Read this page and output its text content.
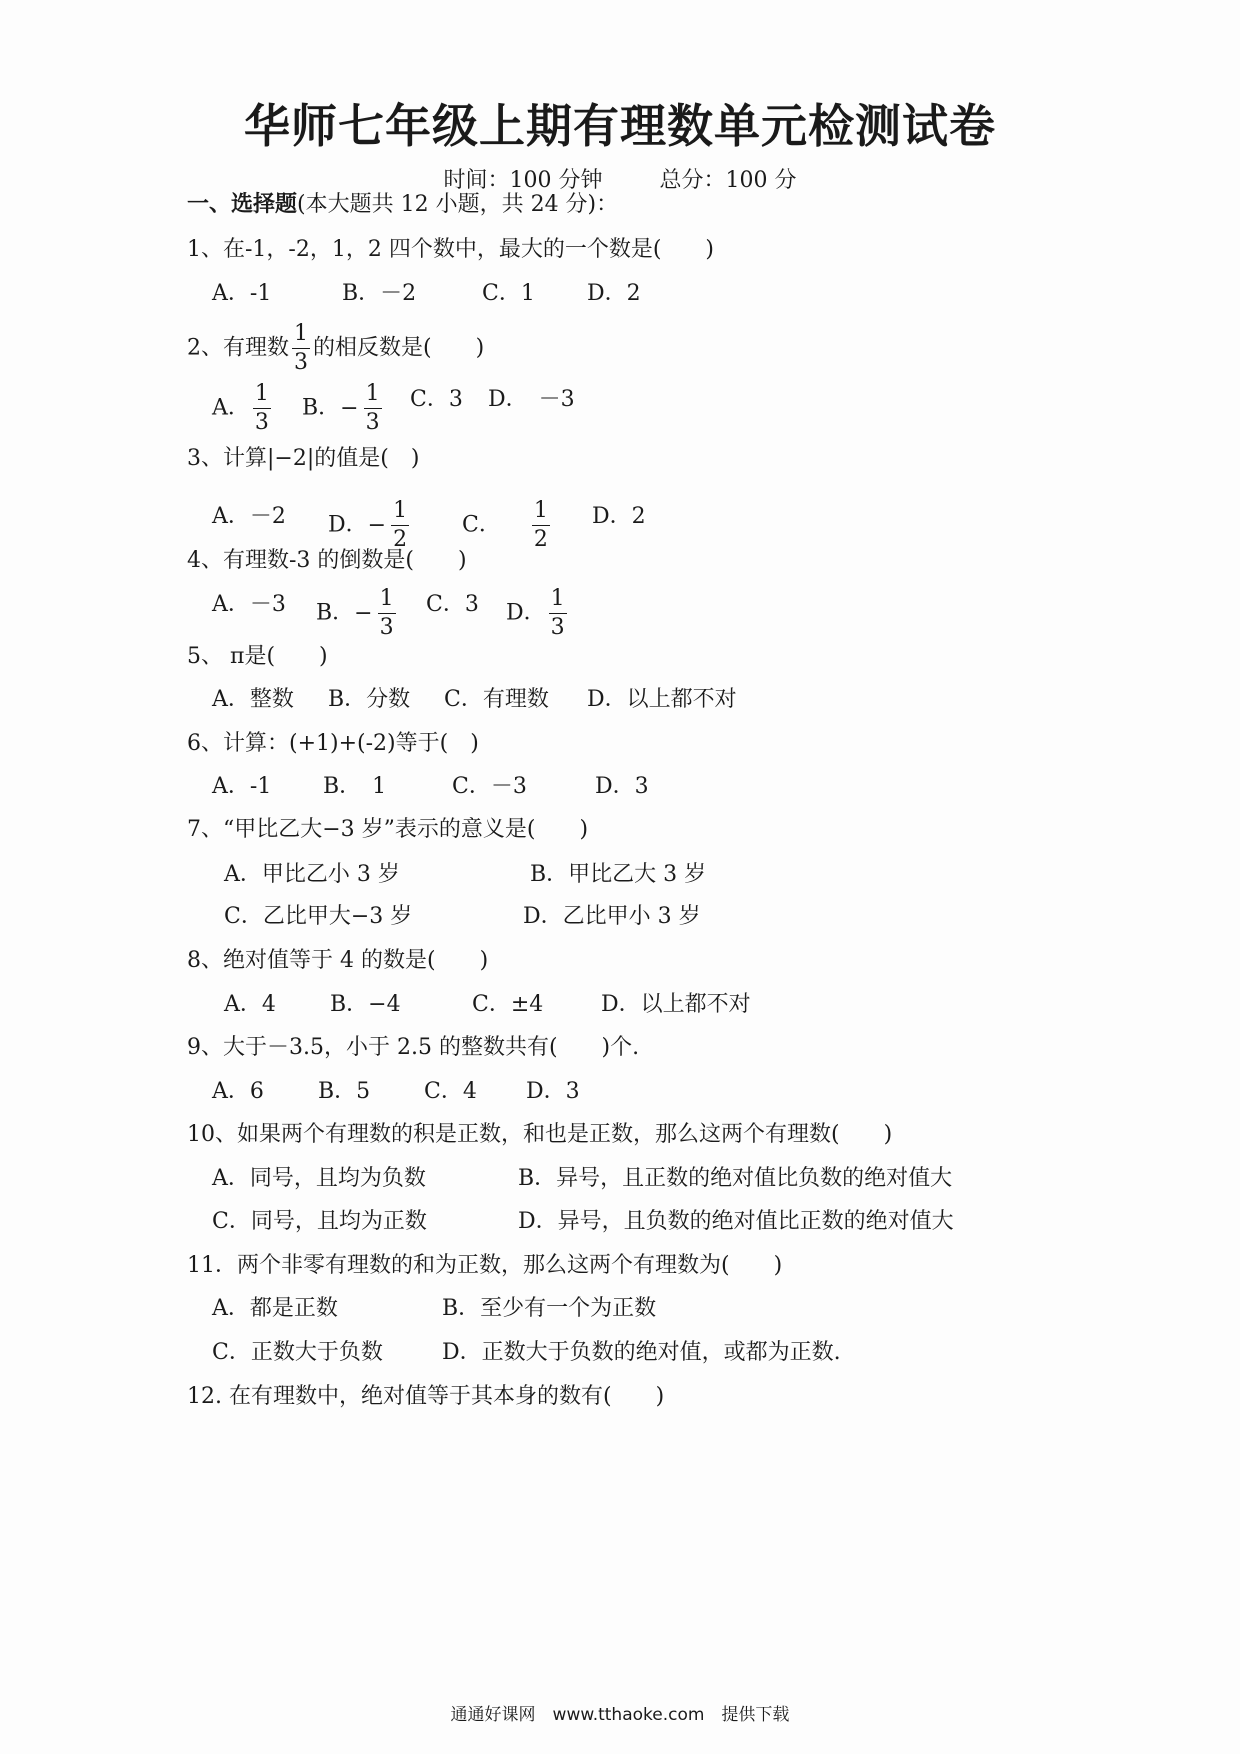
华师七年级上期有理数单元检测试卷
时间：100 分钟	总分：100 分
一、选择题(本大题共 12 小题，共 24 分)：
1、在-1，-2，1，2 四个数中，最大的一个数是(　　)
A．-1	B．－2	C．1 D．2
2、有理数 $\frac{1}{3}$ 的相反数是(　　)
A． $\frac{1}{3}$ B．− $\frac{1}{3}$ C．3 D．　－3
3、计算|−2|的值是(　)
A．－2 D．− $\frac{1}{2}$ C． $\frac{1}{2}$ D．2
4、有理数-3 的倒数是(　　)
A．－3 B．− $\frac{1}{3}$ C．3 D． $\frac{1}{3}$
5、 π是(　　)
A．整数 B．分数 C．有理数 D．以上都不对
6、计算：(+1)+(-2)等于(　)
A．-1 B．　1	C．－3	D．3
7、“甲比乙大−3 岁”表示的意义是(　　)
A．甲比乙小 3 岁	B．甲比乙大 3 岁
C．乙比甲大−3 岁	D．乙比甲小 3 岁
8、绝对值等于 4 的数是(　　)
A．4 B．−4	C．±4	D．以上都不对
9、大于－3.5，小于 2.5 的整数共有(　　)个.
A．6 B．5 C．4 D．3
10、如果两个有理数的积是正数，和也是正数，那么这两个有理数(　　)
A．同号，且均为负数	B．异号，且正数的绝对值比负数的绝对值大
C．同号，且均为正数	D．异号，且负数的绝对值比正数的绝对值大
11．两个非零有理数的和为正数，那么这两个有理数为(　　)
A．都是正数	B．至少有一个为正数
C．正数大于负数	D．正数大于负数的绝对值，或都为正数.
12. 在有理数中，绝对值等于其本身的数有(　　)
通通好课网　www.tthaoke.com　提供下载
